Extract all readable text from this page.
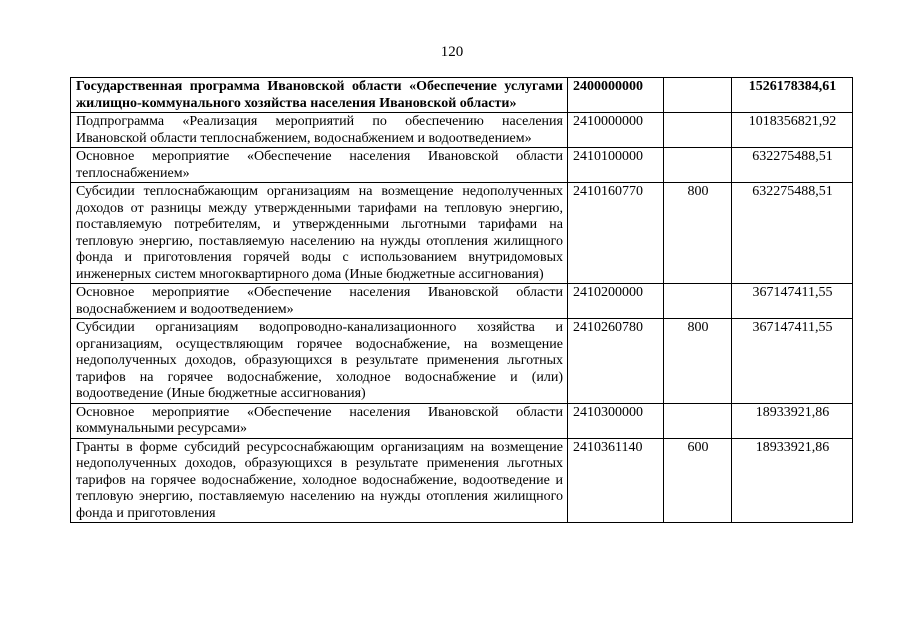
120
Государственная программа Ивановской области «Обеспечение услугами жилищно-коммунального хозяйства населения Ивановской области»	2400000000		1526178384,61
Подпрограмма «Реализация мероприятий по обеспечению населения Ивановской области теплоснабжением, водоснабжением и водоотведением»	2410000000		1018356821,92
Основное мероприятие «Обеспечение населения Ивановской области теплоснабжением»	2410100000		632275488,51
Субсидии теплоснабжающим организациям на возмещение недополученных доходов от разницы между утвержденными тарифами на тепловую энергию, поставляемую потребителям, и утвержденными льготными тарифами на тепловую энергию, поставляемую населению на нужды отопления жилищного фонда и приготовления горячей воды с использованием внутридомовых инженерных систем многоквартирного дома (Иные бюджетные ассигнования)	2410160770	800	632275488,51
Основное мероприятие «Обеспечение населения Ивановской области водоснабжением и водоотведением»	2410200000		367147411,55
Субсидии организациям водопроводно-канализационного хозяйства и организациям, осуществляющим горячее водоснабжение, на возмещение недополученных доходов, образующихся в результате применения льготных тарифов на горячее водоснабжение, холодное водоснабжение и (или) водоотведение (Иные бюджетные ассигнования)	2410260780	800	367147411,55
Основное мероприятие «Обеспечение населения Ивановской области коммунальными ресурсами»	2410300000		18933921,86
Гранты в форме субсидий ресурсоснабжающим организациям на возмещение недополученных доходов, образующихся в результате применения льготных тарифов на горячее водоснабжение, холодное водоснабжение, водоотведение и тепловую энергию, поставляемую населению на нужды отопления жилищного фонда и приготовления	2410361140	600	18933921,86
